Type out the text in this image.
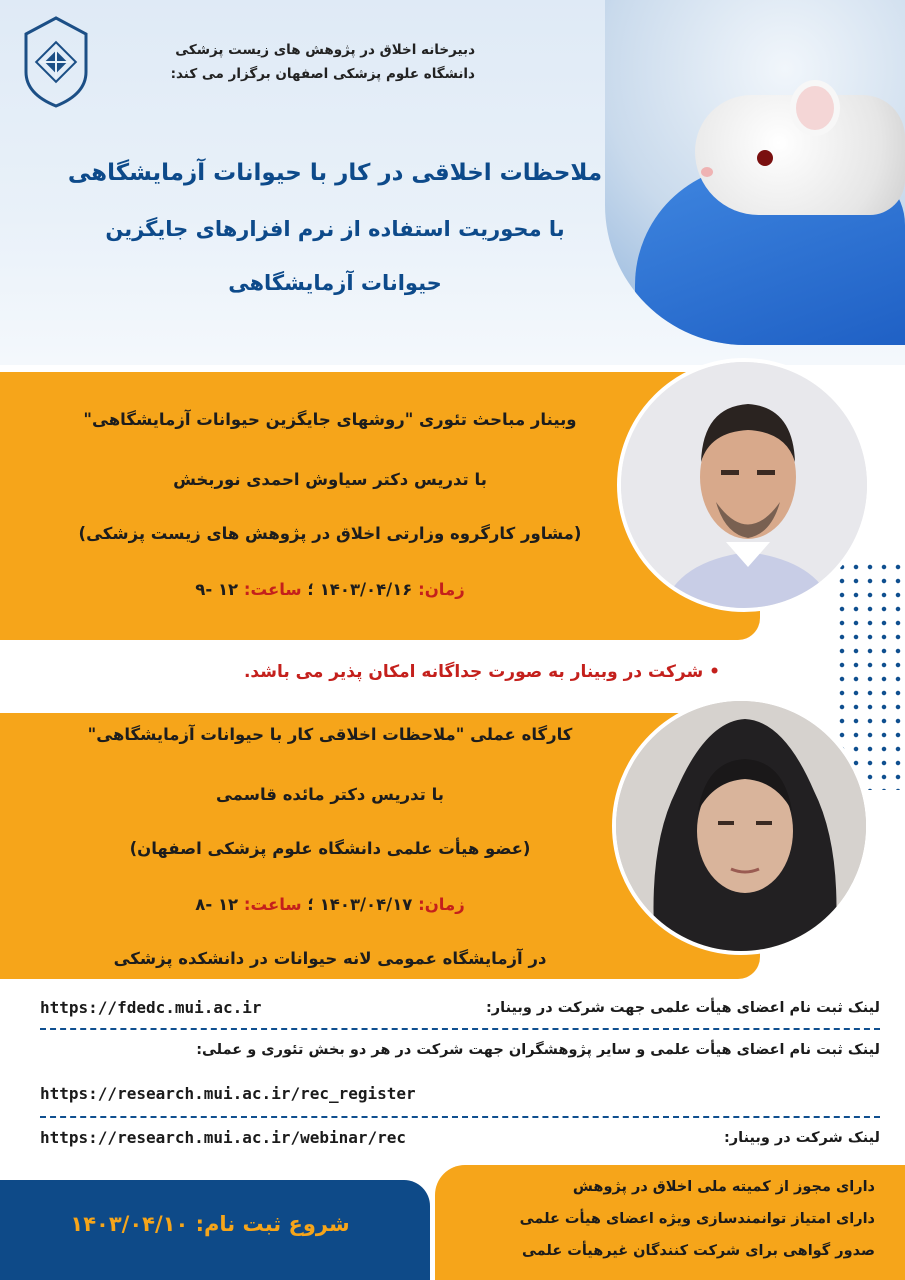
دبیرخانه اخلاق در پژوهش های زیست پزشکی
دانشگاه علوم پزشکی اصفهان برگزار می کند:
ملاحظات اخلاقی در کار با حیوانات آزمایشگاهی
با محوریت استفاده از نرم افزارهای جایگزین
حیوانات آزمایشگاهی
وبینار مباحث تئوری "روشهای جایگزین حیوانات آزمایشگاهی"
با تدریس دکتر سیاوش احمدی نوربخش
(مشاور کارگروه وزارتی اخلاق در پژوهش های زیست پزشکی)
زمان: ۱۴۰۳/۰۴/۱۶ ؛ ساعت: ۱۲ -۹
• شرکت در وبینار به صورت جداگانه امکان پذیر می باشد.
کارگاه عملی "ملاحظات اخلاقی کار با حیوانات آزمایشگاهی"
با تدریس دکتر مائده قاسمی
(عضو هیأت علمی دانشگاه علوم پزشکی اصفهان)
زمان: ۱۴۰۳/۰۴/۱۷ ؛ ساعت: ۱۲ -۸
در آزمایشگاه عمومی لانه حیوانات در دانشکده پزشکی
https://fdedc.mui.ac.ir	لینک ثبت نام اعضای هیأت علمی جهت شرکت در وبینار:
لینک ثبت نام اعضای هیأت علمی و سایر پژوهشگران جهت شرکت در هر دو بخش تئوری و عملی:
https://research.mui.ac.ir/rec_register
https://research.mui.ac.ir/webinar/rec	لینک شرکت در وبینار:
شروع ثبت نام: ۱۴۰۳/۰۴/۱۰
دارای مجوز از کمیته ملی اخلاق در پژوهش
دارای امتیاز توانمندسازی ویژه اعضای هیأت علمی
صدور گواهی برای شرکت کنندگان غیرهیأت علمی
